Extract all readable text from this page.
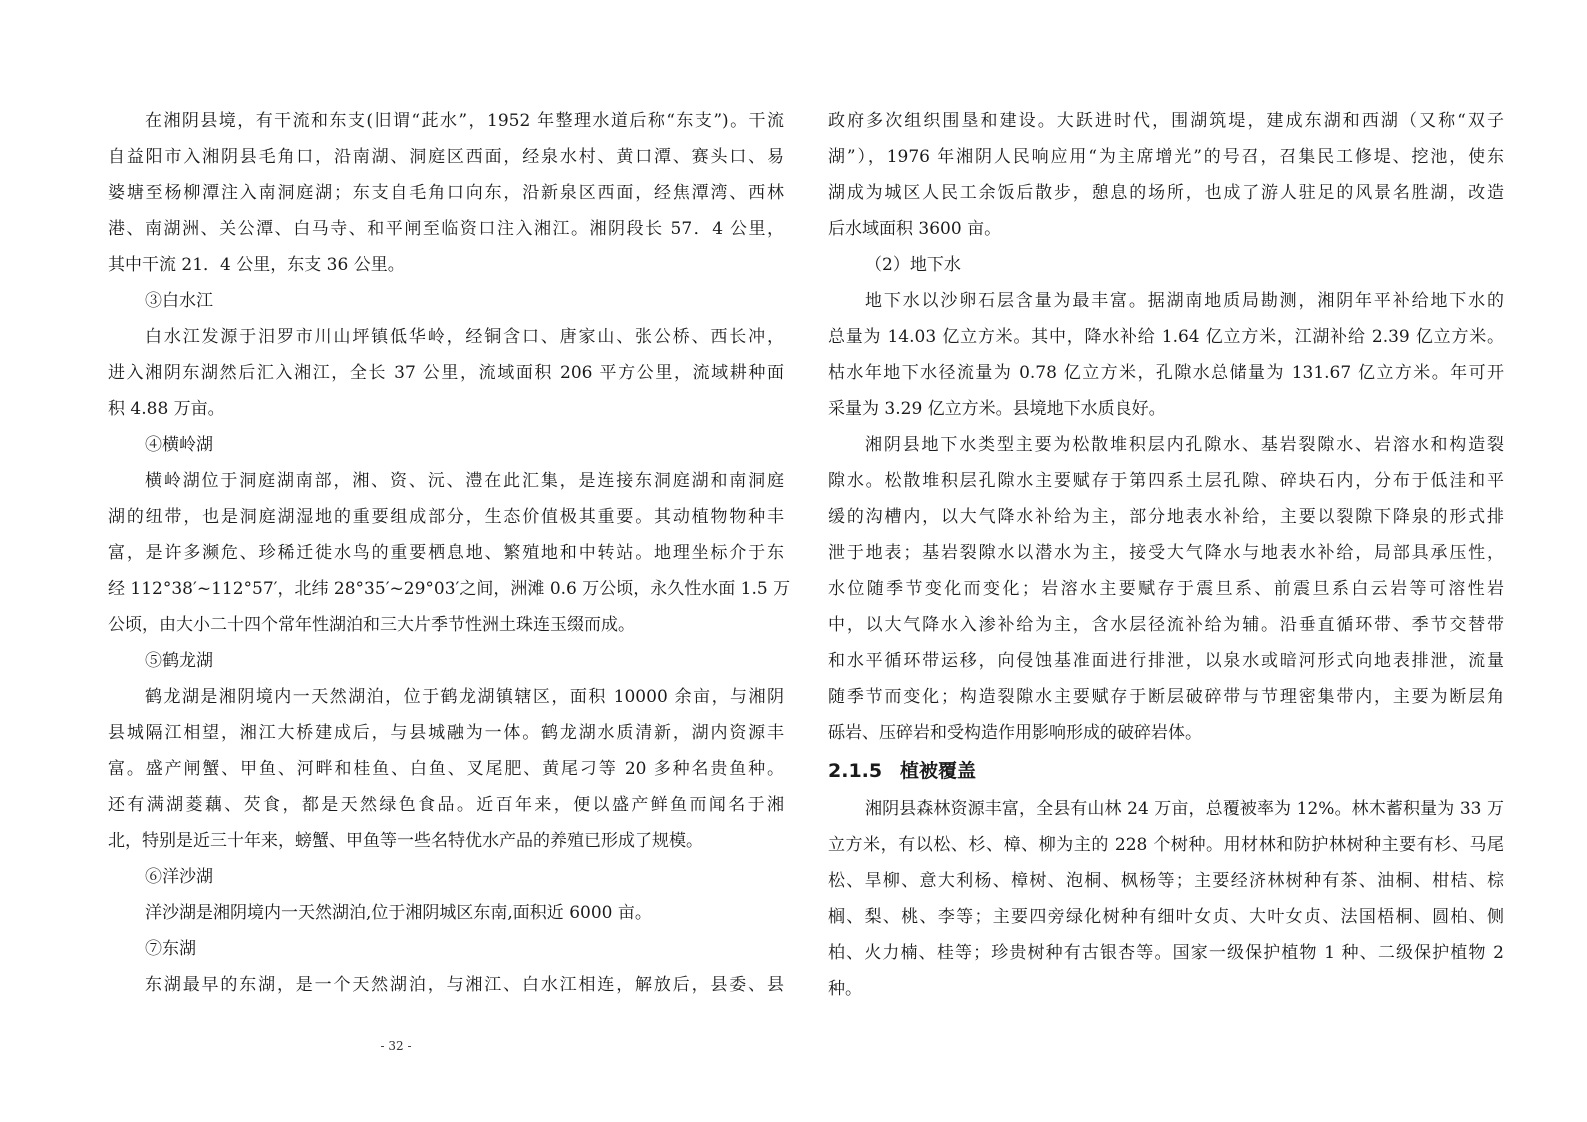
在湘阴县境，有干流和东支(旧谓“茈水”，1952 年整理水道后称“东支”)。干流
自益阳市入湘阴县毛角口，沿南湖、洞庭区西面，经泉水村、黄口潭、赛头口、易
婆塘至杨柳潭注入南洞庭湖；东支自毛角口向东，沿新泉区西面，经焦潭湾、西林
港、南湖洲、关公潭、白马寺、和平闸至临资口注入湘江。湘阴段长 57．4 公里，
其中干流 21．4 公里，东支 36 公里。
③白水江
白水江发源于汨罗市川山坪镇低华岭，经铜含口、唐家山、张公桥、西长冲，
进入湘阴东湖然后汇入湘江，全长 37 公里，流域面积 206 平方公里，流域耕种面
积 4.88 万亩。
④横岭湖
横岭湖位于洞庭湖南部，湘、资、沅、澧在此汇集，是连接东洞庭湖和南洞庭
湖的纽带，也是洞庭湖湿地的重要组成部分，生态价值极其重要。其动植物物种丰
富，是许多濒危、珍稀迁徙水鸟的重要栖息地、繁殖地和中转站。地理坐标介于东
经 112°38′~112°57′，北纬 28°35′~29°03′之间，洲滩 0.6 万公顷，永久性水面 1.5 万
公顷，由大小二十四个常年性湖泊和三大片季节性洲土珠连玉缀而成。
⑤鹤龙湖
鹤龙湖是湘阴境内一天然湖泊，位于鹤龙湖镇辖区，面积 10000 余亩，与湘阴
县城隔江相望，湘江大桥建成后，与县城融为一体。鹤龙湖水质清新，湖内资源丰
富。盛产闸蟹、甲鱼、河畔和桂鱼、白鱼、叉尾肥、黄尾刁等 20 多种名贵鱼种。
还有满湖菱藕、芡食，都是天然绿色食品。近百年来，便以盛产鲜鱼而闻名于湘
北，特别是近三十年来，螃蟹、甲鱼等一些名特优水产品的养殖已形成了规模。
⑥洋沙湖
洋沙湖是湘阴境内一天然湖泊,位于湘阴城区东南,面积近 6000 亩。
⑦东湖
东湖最早的东湖，是一个天然湖泊，与湘江、白水江相连，解放后，县委、县
政府多次组织围垦和建设。大跃进时代，围湖筑堤，建成东湖和西湖（又称“双子
湖”），1976 年湘阴人民响应用“为主席增光”的号召，召集民工修堤、挖池，使东
湖成为城区人民工余饭后散步，憩息的场所，也成了游人驻足的风景名胜湖，改造
后水域面积 3600 亩。
（2）地下水
地下水以沙卵石层含量为最丰富。据湖南地质局勘测，湘阴年平补给地下水的
总量为 14.03 亿立方米。其中，降水补给 1.64 亿立方米，江湖补给 2.39 亿立方米。
枯水年地下水径流量为 0.78 亿立方米，孔隙水总储量为 131.67 亿立方米。年可开
采量为 3.29 亿立方米。县境地下水质良好。
湘阴县地下水类型主要为松散堆积层内孔隙水、基岩裂隙水、岩溶水和构造裂
隙水。松散堆积层孔隙水主要赋存于第四系土层孔隙、碎块石内，分布于低洼和平
缓的沟槽内，以大气降水补给为主，部分地表水补给，主要以裂隙下降泉的形式排
泄于地表；基岩裂隙水以潜水为主，接受大气降水与地表水补给，局部具承压性，
水位随季节变化而变化；岩溶水主要赋存于震旦系、前震旦系白云岩等可溶性岩
中，以大气降水入渗补给为主，含水层径流补给为辅。沿垂直循环带、季节交替带
和水平循环带运移，向侵蚀基准面进行排泄，以泉水或暗河形式向地表排泄，流量
随季节而变化；构造裂隙水主要赋存于断层破碎带与节理密集带内，主要为断层角
砾岩、压碎岩和受构造作用影响形成的破碎岩体。
2.1.5 植被覆盖
湘阴县森林资源丰富，全县有山林 24 万亩，总覆被率为 12%。林木蓄积量为 33 万
立方米，有以松、杉、樟、柳为主的 228 个树种。用材林和防护林树种主要有杉、马尾
松、旱柳、意大利杨、樟树、泡桐、枫杨等；主要经济林树种有茶、油桐、柑桔、棕
榈、梨、桃、李等；主要四旁绿化树种有细叶女贞、大叶女贞、法国梧桐、圆柏、侧
柏、火力楠、桂等；珍贵树种有古银杏等。国家一级保护植物 1 种、二级保护植物 2
种。
- 32 -
